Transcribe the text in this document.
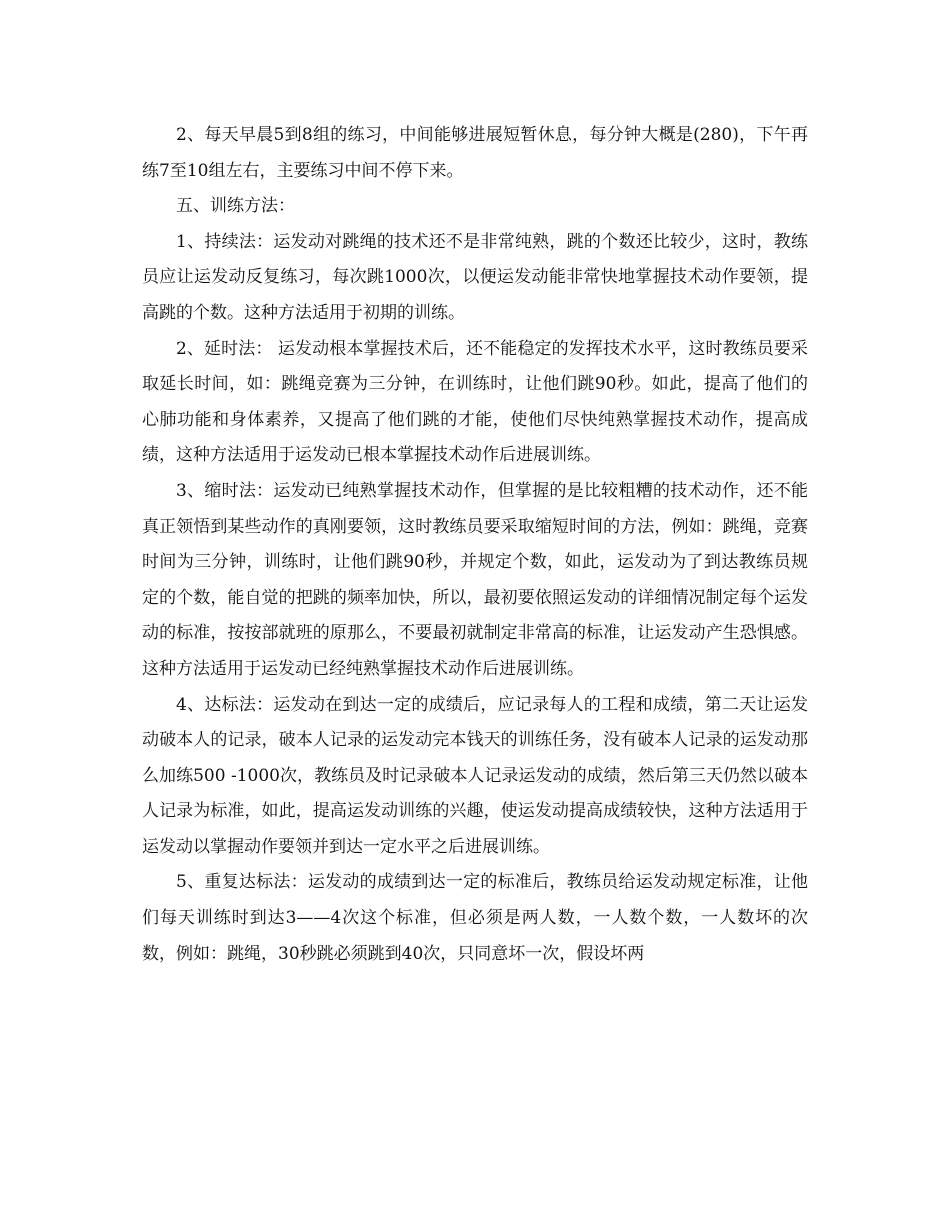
2、每天早晨5到8组的练习，中间能够进展短暂休息，每分钟大概是(280)，下午再练7至10组左右，主要练习中间不停下来。

五、训练方法：

1、持续法：运发动对跳绳的技术还不是非常纯熟，跳的个数还比较少，这时，教练员应让运发动反复练习，每次跳1000次，以便运发动能非常快地掌握技术动作要领，提高跳的个数。这种方法适用于初期的训练。

2、延时法： 运发动根本掌握技术后，还不能稳定的发挥技术水平，这时教练员要采取延长时间，如：跳绳竞赛为三分钟，在训练时，让他们跳90秒。如此，提高了他们的心肺功能和身体素养，又提高了他们跳的才能，使他们尽快纯熟掌握技术动作，提高成绩，这种方法适用于运发动已根本掌握技术动作后进展训练。

3、缩时法：运发动已纯熟掌握技术动作，但掌握的是比较粗糟的技术动作，还不能真正领悟到某些动作的真刚要领，这时教练员要采取缩短时间的方法，例如：跳绳，竞赛时间为三分钟，训练时，让他们跳90秒，并规定个数，如此，运发动为了到达教练员规定的个数，能自觉的把跳的频率加快，所以，最初要依照运发动的详细情况制定每个运发动的标准，按按部就班的原那么，不要最初就制定非常高的标准，让运发动产生恐惧感。这种方法适用于运发动已经纯熟掌握技术动作后进展训练。

4、达标法：运发动在到达一定的成绩后，应记录每人的工程和成绩，第二天让运发动破本人的记录，破本人记录的运发动完本钱天的训练任务，没有破本人记录的运发动那么加练500 -1000次，教练员及时记录破本人记录运发动的成绩，然后第三天仍然以破本人记录为标准，如此，提高运发动训练的兴趣，使运发动提高成绩较快，这种方法适用于运发动以掌握动作要领并到达一定水平之后进展训练。

5、重复达标法：运发动的成绩到达一定的标准后，教练员给运发动规定标准，让他们每天训练时到达3——4次这个标准，但必须是两人数，一人数个数，一人数坏的次数，例如：跳绳，30秒跳必须跳到40次，只同意坏一次，假设坏两
